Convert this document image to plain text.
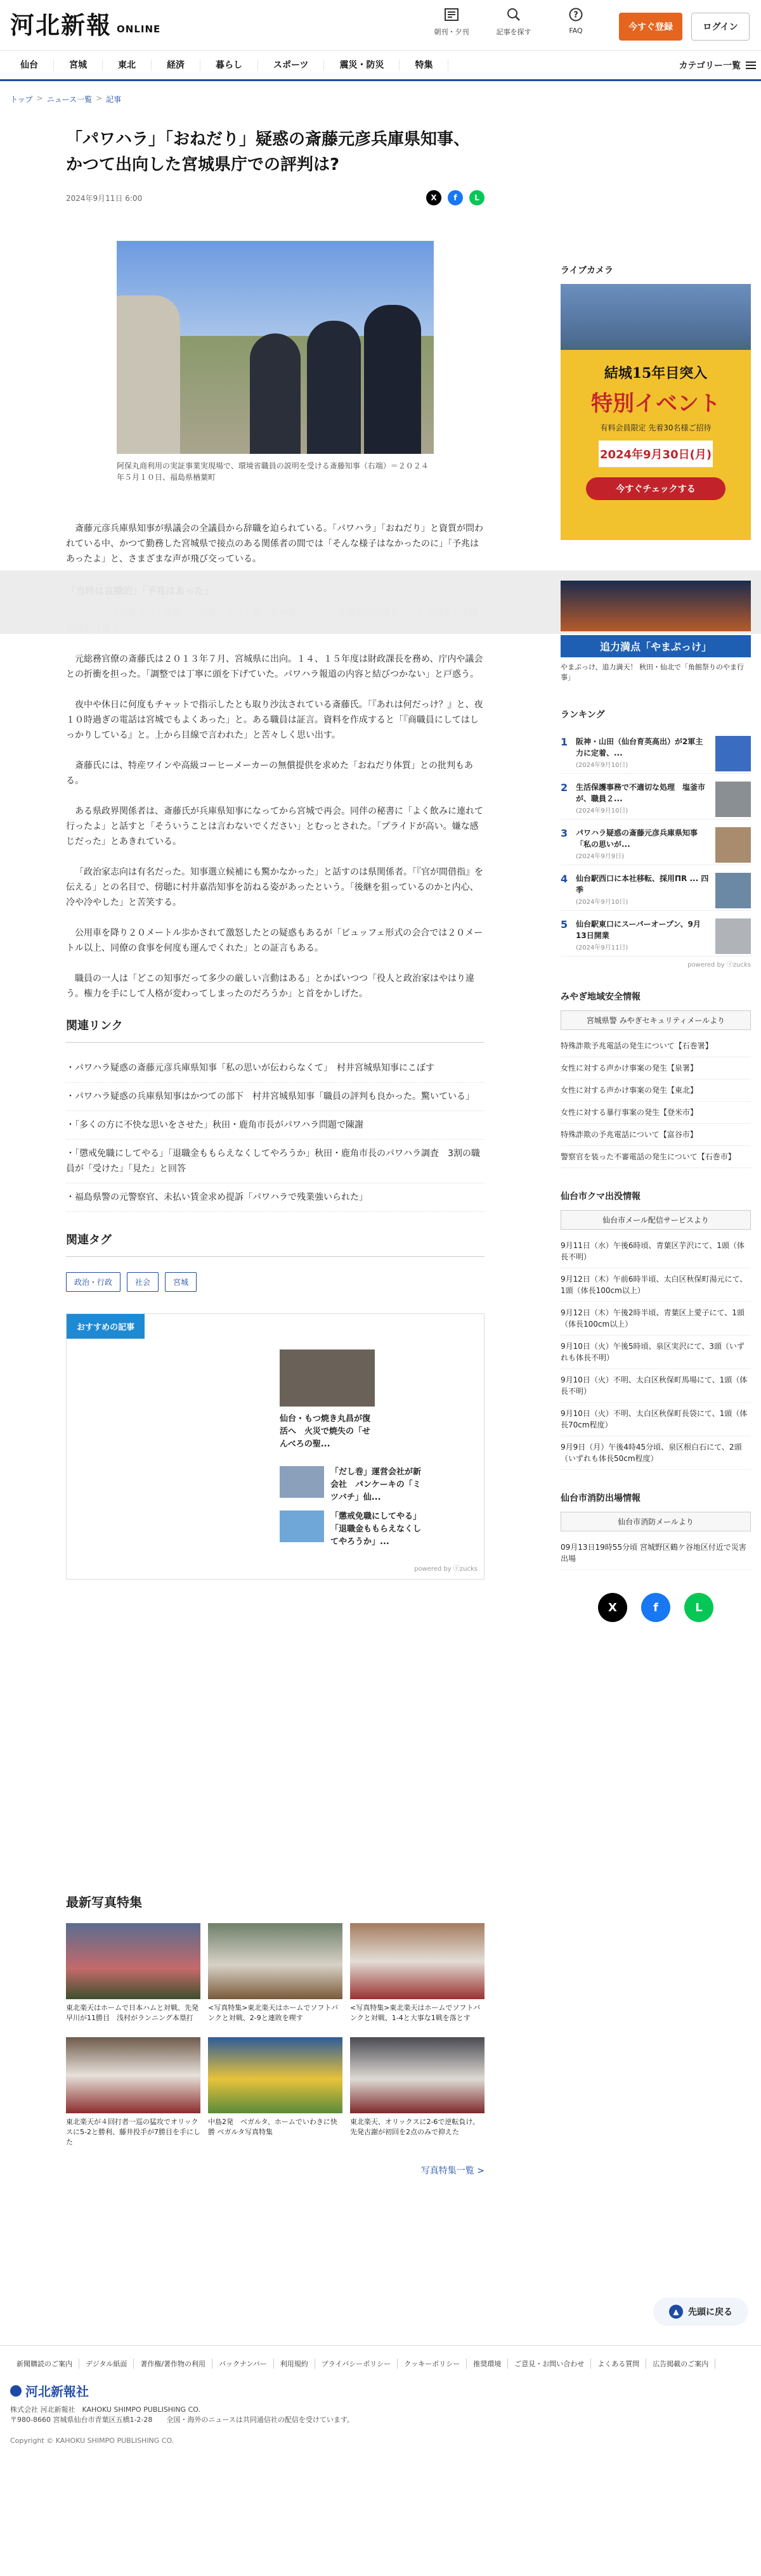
河北新報 ONLINE	朝刊・夕刊	記事を探す
?
FAQ	今すぐ登録	ログイン
仙台	宮城	東北	経済	暮らし	スポーツ	震災・防災	特集	カテゴリー一覧
トップ > ニュース一覧 > 記事
「パワハラ」「おねだり」疑惑の斎藤元彦兵庫県知事、
かつて出向した宮城県庁での評判は?
2024年9月11日 6:00	X	f	L

阿保丸商利用の実証事業実現場で、環境省職員の説明を受ける斎藤知事（右端）＝２０２４年５月１０日、福島県楢葉町

斎藤元彦兵庫県知事が県議会の全議員から辞職を迫られている。「パワハラ」「おねだり」と資質が問われている中、かつて勤務した宮城県で接点のある関係者の間では「そんな様子はなかったのに」「予兆はあったよ」と、さまざまな声が飛び交っている。

元総務官僚の斎藤氏は２０１３年７月、宮城県に出向。１４、１５年度は財政課長を務め、庁内や議会との折衝を担った。「調整では丁寧に頭を下げていた。パワハラ報道の内容と結びつかない」と戸惑う。

夜中や休日に何度もチャットで指示したとも取り沙汰されている斎藤氏。「『あれは何だっけ？』と、夜１０時過ぎの電話は宮城でもよくあった」と。ある職員は証言。資料を作成すると「『商職員にしてはしっかりしている』と。上から目線で言われた」と苦々しく思い出す。

斎藤氏には、特産ワインや高級コーヒーメーカーの無償提供を求めた「おねだり体質」との批判もある。

ある県政界関係者は、斎藤氏が兵庫県知事になってから宮城で再会。同伴の秘書に「よく飲みに連れて行ったよ」と話すと「そういうことは言わないでください」とむっとされた。「プライドが高い。嫌な感じだった」とあきれている。

「政治家志向は有名だった。知事選立候補にも驚かなかった」と話すのは県関係者。「『官が間借指』を伝える」との名目で、傍聴に村井嘉浩知事を訪ねる姿があったという。「後継を狙っているのかと内心、冷や冷やした」と苦笑する。

公用車を降り２０メートル歩かされて激怒したとの疑惑もあるが「ビュッフェ形式の会合では２０メートル以上、同僚の食事を何度も運んでくれた」との証言もある。

職員の一人は「どこの知事だって多少の厳しい言動はある」とかばいつつ「役人と政治家はやはり違う。権力を手にして人格が変わってしまったのだろうか」と首をかしげた。

関連リンク
・パワハラ疑惑の斎藤元彦兵庫県知事「私の思いが伝わらなくて」　村井宮城県知事にこぼす
・パワハラ疑惑の兵庫県知事はかつての部下　村井宮城県知事「職員の評判も良かった。驚いている」
・「多くの方に不快な思いをさせた」秋田・鹿角市長がパワハラ問題で陳謝
・「懲戒免職にしてやる」「退職金ももらえなくしてやろうか」秋田・鹿角市長のパワハラ調査　3割の職員が「受けた」「見た」と回答
・福島県警の元警察官、未払い賃金求め提訴「パワハラで残業強いられた」
関連タグ
政治・行政	社会	宮城
おすすめの記事
仙台・もつ焼き丸昌が復活へ　火災で焼失の「せんべろの聖...
「だし巻」運営会社が新会社　パンケーキの「ミツバチ」仙...
「懲戒免職にしてやる」「退職金ももらえなくしてやろうか」...
powered by ⓩzucks
ライブカメラ
結城15年目突入
特別イベント
有料会員限定 先着30名様ご招待
2024年9月30日(月)
今すぐチェックする
追力満点「やまぷっけ」
やまぷっけ、追力満天！ 秋田・仙北で「角館祭りのやま行事」
ランキング
1 阪神・山田（仙台育英高出）が2軍主力に定着、...
(2024年9月10日)
2 生活保護事務で不適切な処理　塩釜市が、職員２...
(2024年9月10日)
3 パワハラ疑惑の斎藤元彦兵庫県知事「私の思いが...
(2024年9月9日)
4 仙台駅西口に本社移転、採用ПR ... 四季
(2024年9月10日)
5 仙台駅東口にスーパーオープン、9月13日開業
(2024年9月11日)
powered by ⓩzucks
みやぎ地域安全情報
宮城県警 みやぎセキュリティメールより
特殊詐欺予兆電話の発生について【石巻署】
女性に対する声かけ事案の発生【泉署】
女性に対する声かけ事案の発生【東北】
女性に対する暴行事案の発生【登米市】
特殊詐欺の予兆電話について【富谷市】
警察官を装った不審電話の発生について【石巻市】
仙台市クマ出没情報
仙台市メール配信サービスより
9月11日（水）午後6時頃、青葉区芋沢にて、1頭（体長不明）
9月12日（木）午前6時半頃、太白区秋保町湯元にて、1頭（体長100cm以上）
9月12日（木）午後2時半頃、青葉区上愛子にて、1頭（体長100cm以上）
9月10日（火）午後5時頃、泉区実沢にて、3頭（いずれも体長不明）
9月10日（火）不明、太白区秋保町馬場にて、1頭（体長不明）
9月10日（火）不明、太白区秋保町長袋にて、1頭（体長70cm程度）
9月9日（月）午後4時45分頃、泉区根白石にて、2頭（いずれも体長50cm程度）
仙台市消防出場情報
仙台市消防メールより
09月13日19時55分頃 宮城野区鶴ケ谷地区付近で災害出場
X	f	L
最新写真特集
東北楽天はホームで日本ハムと対戦、先発早川が11勝目　浅村がランニング本塁打
<写真特集>東北楽天はホームでソフトバンクと対戦、2-9と連敗を喫す
<写真特集>東北楽天はホームでソフトバンクと対戦、1-4と大事な1戦を落とす
東北楽天が４回打者一巡の猛攻でオリックスに5-2と勝利、藤井投手が7勝目を手にした
中島2発　ベガルタ、ホームでいわきに快勝 ベガルタ写真特集
東北楽天、オリックスに2-6で逆転負け。先発古謝が初回を2点のみで抑えた
写真特集一覧 >
▲	先頭に戻る
新聞購読のご案内	デジタル紙面	著作権/著作物の利用	バックナンバー	利用規約	プライバシーポリシー	クッキーポリシー	推奨環境	ご意見・お問い合わせ	よくある質問	広告掲載のご案内
河北新報社
株式会社 河北新報社　KAHOKU SHIMPO PUBLISHING CO.
〒980-8660 宮城県仙台市青葉区五橋1-2-28　　全国・海外のニュースは共同通信社の配信を受けています。
Copyright © KAHOKU SHIMPO PUBLISHING CO.
